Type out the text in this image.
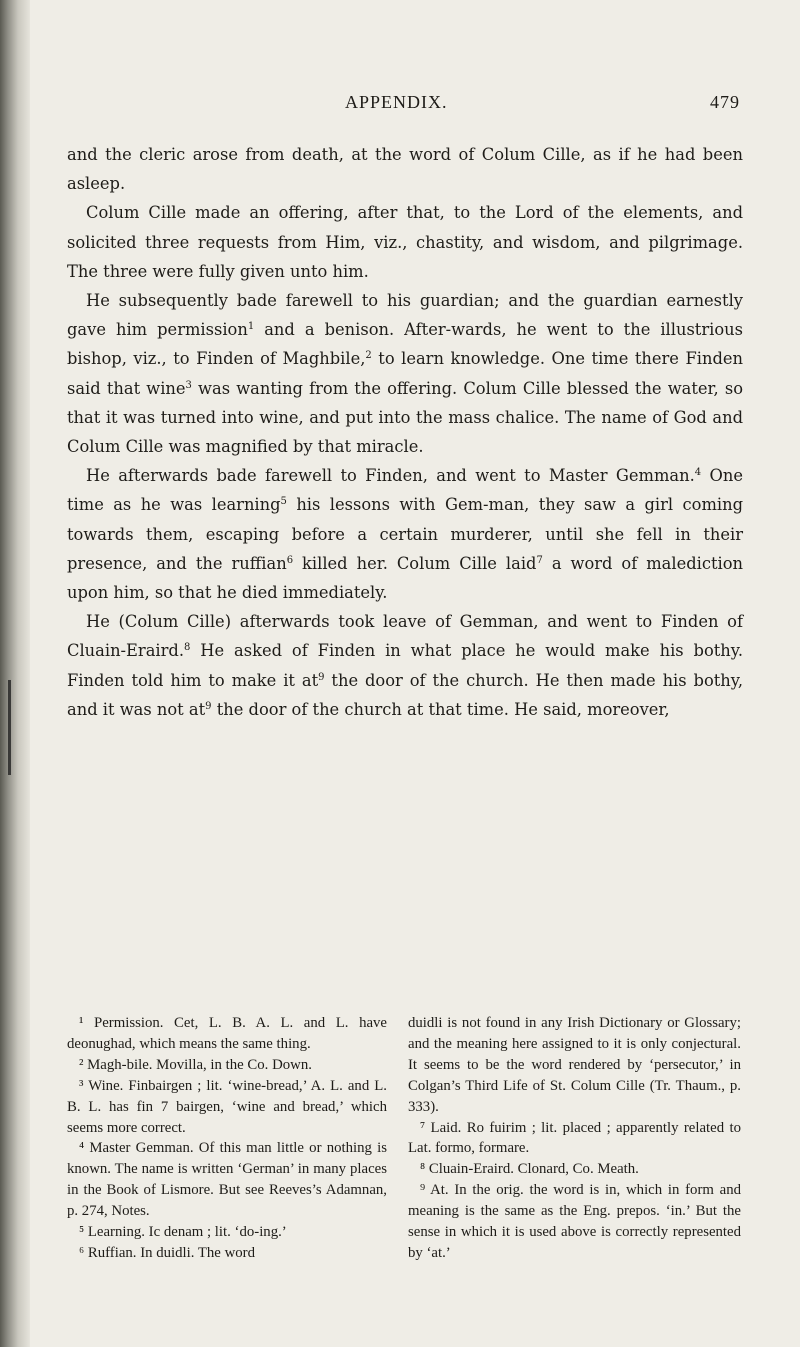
APPENDIX.	479

and the cleric arose from death, at the word of Colum Cille, as if he had been asleep.

Colum Cille made an offering, after that, to the Lord of the elements, and solicited three requests from Him, viz., chastity, and wisdom, and pilgrimage. The three were fully given unto him.

He subsequently bade farewell to his guardian; and the guardian earnestly gave him permission$^1$ and a benison. After-wards, he went to the illustrious bishop, viz., to Finden of Maghbile,$^2$ to learn knowledge. One time there Finden said that wine$^3$ was wanting from the offering. Colum Cille blessed the water, so that it was turned into wine, and put into the mass chalice. The name of God and Colum Cille was magnified by that miracle.

He afterwards bade farewell to Finden, and went to Master Gemman.$^4$ One time as he was learning$^5$ his lessons with Gem-man, they saw a girl coming towards them, escaping before a certain murderer, until she fell in their presence, and the ruffian$^6$ killed her. Colum Cille laid$^7$ a word of malediction upon him, so that he died immediately.

He (Colum Cille) afterwards took leave of Gemman, and went to Finden of Cluain-Eraird.$^8$ He asked of Finden in what place he would make his bothy. Finden told him to make it $at^9$ the door of the church. He then made his bothy, and it was not $at^9$ the door of the church at that time. He said, moreover,

¹ Permission. Cet, L. B. A. L. and L. have deonughad, which means the same thing.

² Magh-bile. Movilla, in the Co. Down.

³ Wine. Finbairgen ; lit. ‘wine-bread,’ A. L. and L. B. L. has fin 7 bairgen, ‘wine and bread,’ which seems more correct.

⁴ Master Gemman. Of this man little or nothing is known. The name is written ‘German’ in many places in the Book of Lismore. But see Reeves’s Adamnan, p. 274, Notes.

⁵ Learning. Ic denam ; lit. ‘do-ing.’

⁶ Ruffian. In duidli. The word

duidli is not found in any Irish Dictionary or Glossary; and the meaning here assigned to it is only conjectural. It seems to be the word rendered by ‘persecutor,’ in Colgan’s Third Life of St. Colum Cille (Tr. Thaum., p. 333).

⁷ Laid. Ro fuirim ; lit. placed ; apparently related to Lat. formo, formare.

⁸ Cluain-Eraird. Clonard, Co. Meath.

⁹ At. In the orig. the word is in, which in form and meaning is the same as the Eng. prepos. ‘in.’ But the sense in which it is used above is correctly represented by ‘at.’
